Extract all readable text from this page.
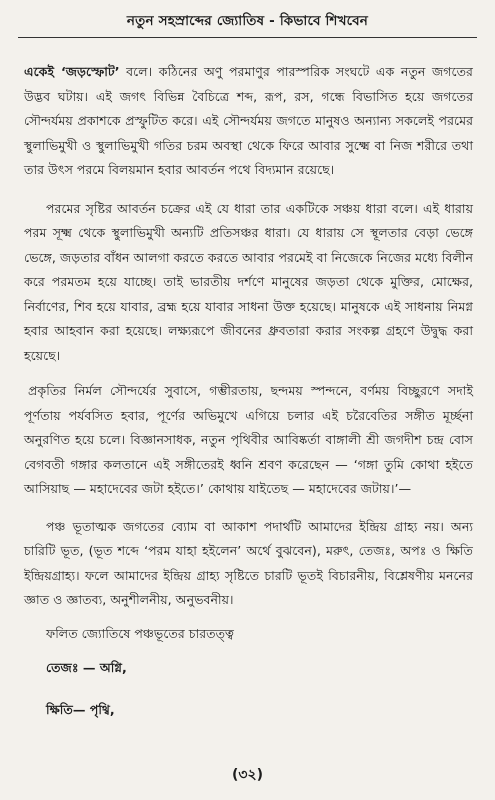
নতুন সহস্রাব্দের জ্যোতিষ - কিভাবে শিখবেন

একেই ‘জড়স্ফোট’ বলে। কঠিনের অণু পরমাণুর পারস্পরিক সংঘটে এক নতুন জগতের উদ্ভব ঘটায়। এই জগৎ বিভিন্ন বৈচিত্রে শব্দ, রূপ, রস, গন্ধে বিভাসিত হয়ে জগতের সৌন্দর্যময় প্রকাশকে প্রস্ফুটিত করে। এই সৌন্দর্যময় জগতে মানুষও অন্যান্য সকলেই পরমের স্থুলাভিমুখী ও স্থুলাভিমুখী গতির চরম অবস্থা থেকে ফিরে আবার সুক্ষ্মে বা নিজ শরীরে তথা তার উৎস পরমে বিলয়মান হবার আবর্তন পথে বিদ্যমান রয়েছে।

পরমের সৃষ্টির আবর্তন চক্রের এই যে ধারা তার একটিকে সঞ্চয় ধারা বলে। এই ধারায় পরম সূক্ষ্ম থেকে স্থুলাভিমুখী অন্যটি প্রতিসঞ্চর ধারা। যে ধারায় সে স্থূলতার বেড়া ভেঙ্গে ভেঙ্গে, জড়তার বাঁধন আলগা করতে করতে আবার পরমেই বা নিজেকে নিজের মধ্যে বিলীন করে পরমতম হয়ে যাচ্ছে। তাই ভারতীয় দর্শণে মানুষের জড়তা থেকে মুক্তির, মোক্ষের, নির্বাণের, শিব হয়ে যাবার, ব্রহ্ম হয়ে যাবার সাধনা উক্ত হয়েছে। মানুষকে এই সাধনায় নিমগ্ন হবার আহবান করা হয়েছে। লক্ষ্যরূপে জীবনের ধ্রুবতারা করার সংকল্প গ্রহণে উদ্বুদ্ধ করা হয়েছে।

প্রকৃতির নির্মল সৌন্দর্যের সুবাসে, গম্ভীরতায়, ছন্দময় স্পন্দনে, বর্ণময় বিচ্ছুরণে সদাই পূর্ণতায় পর্যবসিত হবার, পূর্ণের অভিমুখে এগিয়ে চলার এই চরৈবেতির সঙ্গীত মূর্চ্ছনা অনুরণিত হয়ে চলে। বিজ্ঞানসাধক, নতুন পৃথিবীর আবিষ্কর্তা বাঙ্গালী শ্রী জগদীশ চন্দ্র বোস বেগবতী গঙ্গার কলতানে এই সঙ্গীতেরই ধ্বনি শ্রবণ করেছেন — ‘গঙ্গা তুমি কোথা হইতে আসিয়াছ — মহাদেবের জটা হইতে।’ কোথায় যাইতেছ — মহাদেবের জটায়।’—

পঞ্চ ভূতাত্মক জগতের ব্যোম বা আকাশ পদার্থটি আমাদের ইন্দ্রিয় গ্রাহ্য নয়। অন্য চারিটি ভূত, (ভূত শব্দে ‘পরম যাহা হইলেন’ অর্থে বুঝবেন), মরুৎ, তেজঃ, অপঃ ও ক্ষিতি ইন্দ্রিয়গ্রাহ্য। ফলে আমাদের ইন্দ্রিয় গ্রাহ্য সৃষ্টিতে চারটি ভূতই বিচারনীয়, বিশ্লেষণীয় মননের জ্ঞাত ও জ্ঞাতব্য, অনুশীলনীয়, অনুভবনীয়।

ফলিত জ্যোতিষে পঞ্চভূতের চারতত্ত্ব
তেজঃ — অগ্নি,
ক্ষিতি— পৃথ্বি,
(৩২)
